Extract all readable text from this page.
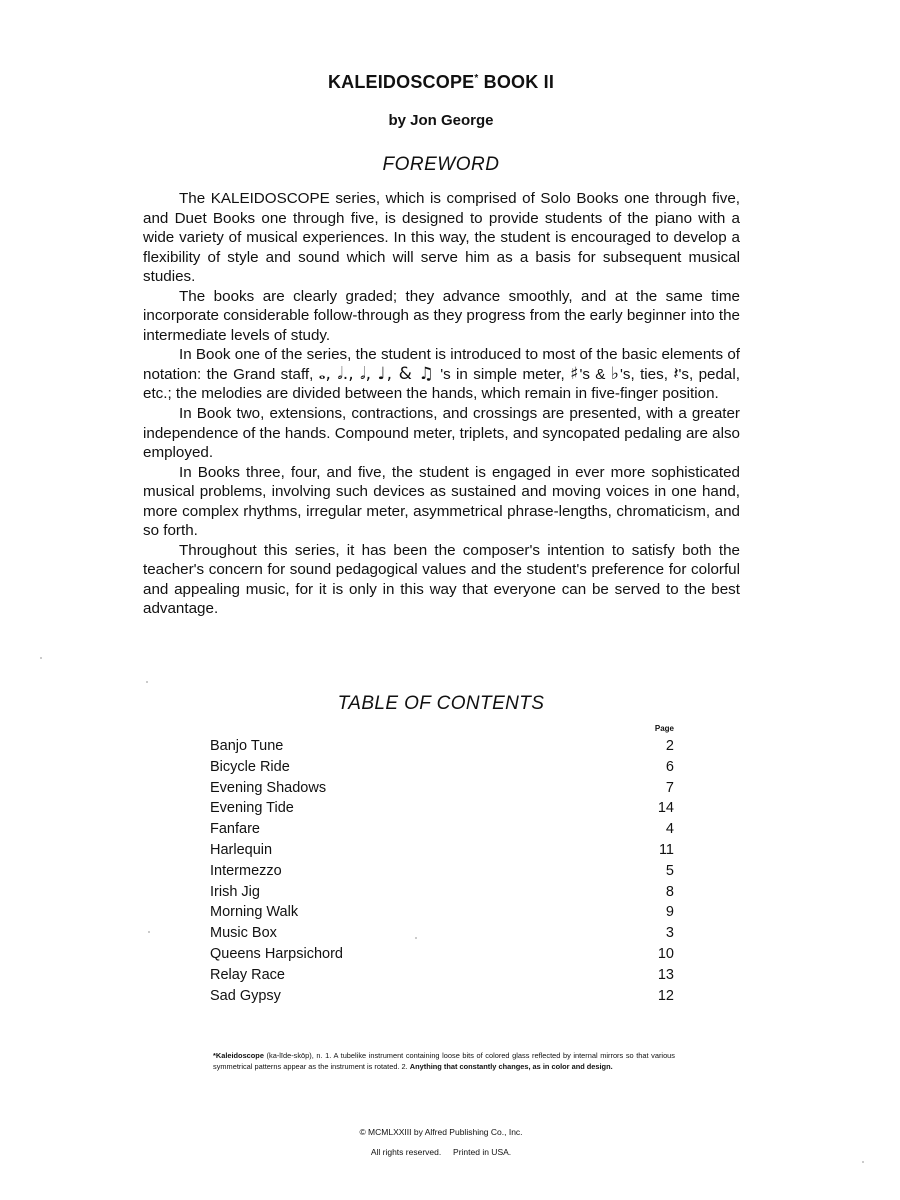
KALEIDOSCOPE* BOOK II
by Jon George
FOREWORD

The KALEIDOSCOPE series, which is comprised of Solo Books one through five, and Duet Books one through five, is designed to provide students of the piano with a wide variety of musical experiences. In this way, the student is encouraged to develop a flexibility of style and sound which will serve him as a basis for subsequent musical studies.

The books are clearly graded; they advance smoothly, and at the same time incorporate considerable follow-through as they progress from the early beginner into the intermediate levels of study.

In Book one of the series, the student is introduced to most of the basic elements of notation: the Grand staff, 𝅝, 𝅗𝅥., 𝅗𝅥, ♩, & ♫ 's in simple meter, ♯'s & ♭'s, ties, 𝄽's, pedal, etc.; the melodies are divided between the hands, which remain in five-finger position.

In Book two, extensions, contractions, and crossings are presented, with a greater independence of the hands. Compound meter, triplets, and syncopated pedaling are also employed.

In Books three, four, and five, the student is engaged in ever more sophisticated musical problems, involving such devices as sustained and moving voices in one hand, more complex rhythms, irregular meter, asymmetrical phrase-lengths, chromaticism, and so forth.

Throughout this series, it has been the composer's intention to satisfy both the teacher's concern for sound pedagogical values and the student's preference for colorful and appealing music, for it is only in this way that everyone can be served to the best advantage.

TABLE OF CONTENTS
Page
Banjo Tune	2
Bicycle Ride	6
Evening Shadows	7
Evening Tide	14
Fanfare	4
Harlequin	11
Intermezzo	5
Irish Jig	8
Morning Walk	9
Music Box	3
Queens Harpsichord	10
Relay Race	13
Sad Gypsy	12
*Kaleidoscope (ka-līde-skōp), n. 1. A tubelike instrument containing loose bits of colored glass reflected by internal mirrors so that various symmetrical patterns appear as the instrument is rotated. 2. Anything that constantly changes, as in color and design.
© MCMLXXIII by Alfred Publishing Co., Inc.
All rights reserved. Printed in USA.
